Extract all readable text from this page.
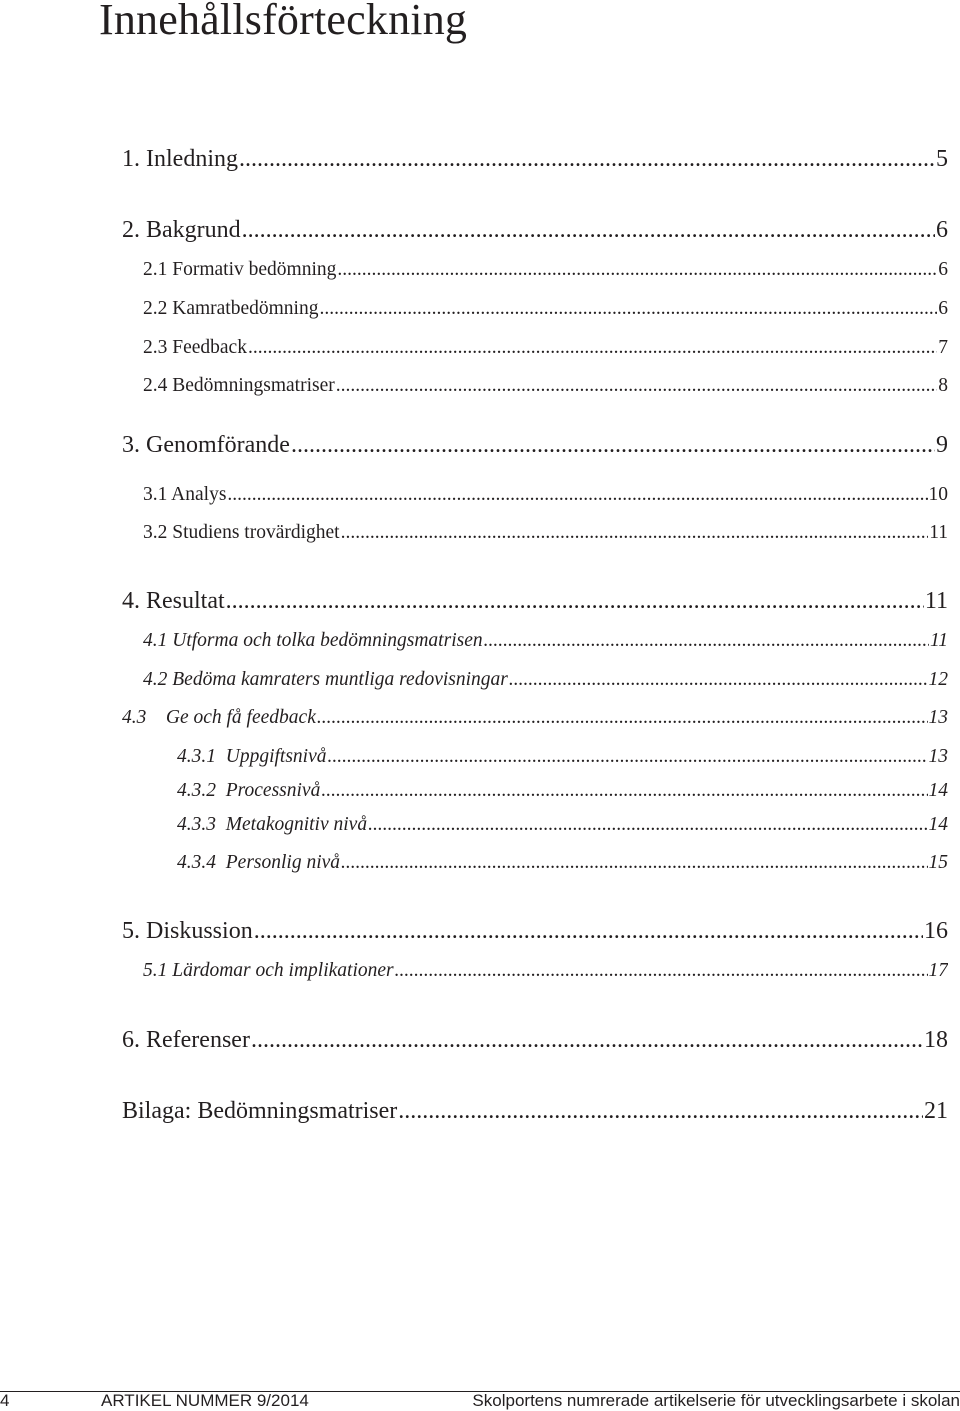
Innehållsförteckning
1. Inledning .....	5
2. Bakgrund .....	6
2.1 Formativ bedömning .....	6
2.2 Kamratbedömning .....	6
2.3 Feedback .....	7
2.4 Bedömningsmatriser .....	8
3. Genomförande .....	9
3.1 Analys .....	10
3.2 Studiens trovärdighet .....	11
4. Resultat .....	11
4.1 Utforma och tolka bedömningsmatrisen .....	11
4.2 Bedöma kamraters muntliga redovisningar .....	12
4.3    Ge och få feedback .....	13
4.3.1  Uppgiftsnivå .....	13
4.3.2  Processnivå .....	14
4.3.3  Metakognitiv nivå .....	14
4.3.4  Personlig nivå .....	15
5. Diskussion .....	16
5.1 Lärdomar och implikationer .....	17
6. Referenser .....	18
Bilaga: Bedömningsmatriser .....	21
4	ARTIKEL NUMMER 9/2014	Skolportens numrerade artikelserie för utvecklingsarbete i skolan
